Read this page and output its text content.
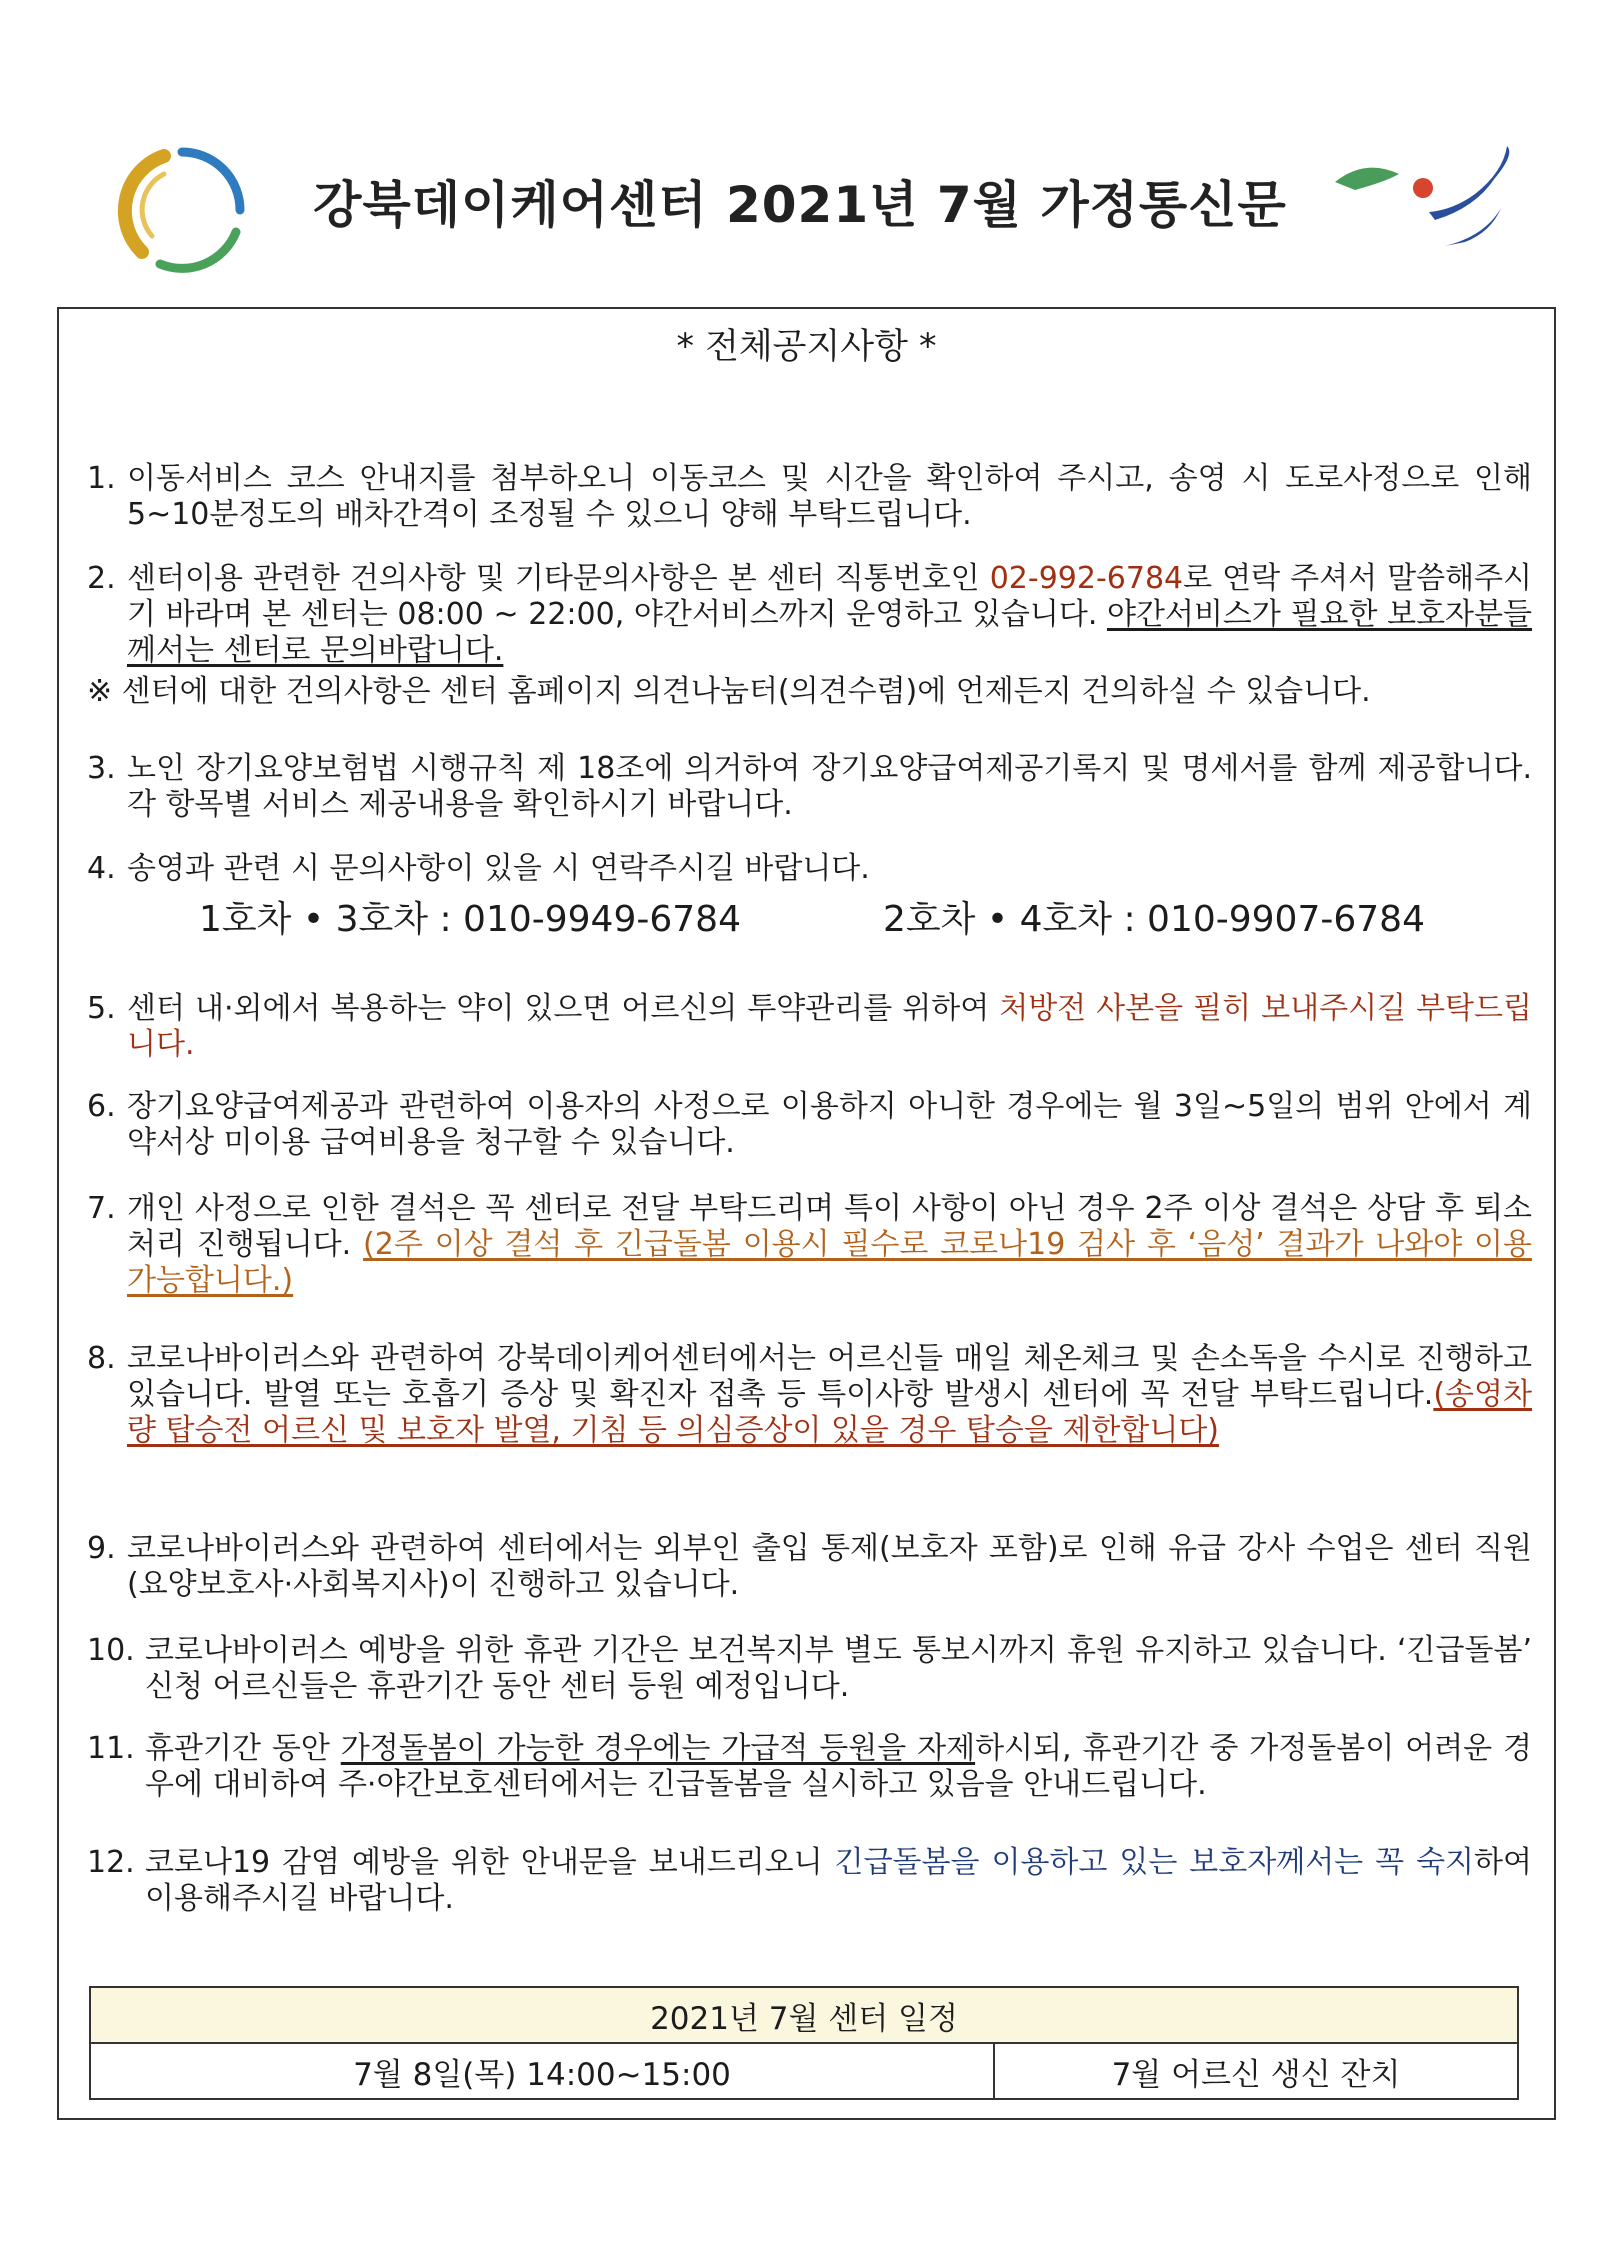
강북데이케어센터 2021년 7월 가정통신문
* 전체공지사항 *
1. 이동서비스 코스 안내지를 첨부하오니 이동코스 및 시간을 확인하여 주시고, 송영 시 도로사정으로 인해 5~10분정도의 배차간격이 조정될 수 있으니 양해 부탁드립니다.
2. 센터이용 관련한 건의사항 및 기타문의사항은 본 센터 직통번호인 02-992-6784로 연락 주셔서 말씀해주시기 바라며 본 센터는 08:00 ~ 22:00, 야간서비스까지 운영하고 있습니다. 야간서비스가 필요한 보호자분들께서는 센터로 문의바랍니다.
※ 센터에 대한 건의사항은 센터 홈페이지 의견나눔터(의견수렴)에 언제든지 건의하실 수 있습니다.
3. 노인 장기요양보험법 시행규칙 제 18조에 의거하여 장기요양급여제공기록지 및 명세서를 함께 제공합니다. 각 항목별 서비스 제공내용을 확인하시기 바랍니다.
4. 송영과 관련 시 문의사항이 있을 시 연락주시길 바랍니다.
1호차 • 3호차 : 010-9949-6784	2호차 • 4호차 : 010-9907-6784
5. 센터 내·외에서 복용하는 약이 있으면 어르신의 투약관리를 위하여 처방전 사본을 필히 보내주시길 부탁드립니다.
6. 장기요양급여제공과 관련하여 이용자의 사정으로 이용하지 아니한 경우에는 월 3일~5일의 범위 안에서 계약서상 미이용 급여비용을 청구할 수 있습니다.
7. 개인 사정으로 인한 결석은 꼭 센터로 전달 부탁드리며 특이 사항이 아닌 경우 2주 이상 결석은 상담 후 퇴소처리 진행됩니다. (2주 이상 결석 후 긴급돌봄 이용시 필수로 코로나19 검사 후 ‘음성’ 결과가 나와야 이용 가능합니다.)
8. 코로나바이러스와 관련하여 강북데이케어센터에서는 어르신들 매일 체온체크 및 손소독을 수시로 진행하고 있습니다. 발열 또는 호흡기 증상 및 확진자 접촉 등 특이사항 발생시 센터에 꼭 전달 부탁드립니다.(송영차량 탑승전 어르신 및 보호자 발열, 기침 등 의심증상이 있을 경우 탑승을 제한합니다)
9. 코로나바이러스와 관련하여 센터에서는 외부인 출입 통제(보호자 포함)로 인해 유급 강사 수업은 센터 직원(요양보호사·사회복지사)이 진행하고 있습니다.
10. 코로나바이러스 예방을 위한 휴관 기간은 보건복지부 별도 통보시까지 휴원 유지하고 있습니다. ‘긴급돌봄’ 신청 어르신들은 휴관기간 동안 센터 등원 예정입니다.
11. 휴관기간 동안 가정돌봄이 가능한 경우에는 가급적 등원을 자제하시되, 휴관기간 중 가정돌봄이 어려운 경우에 대비하여 주·야간보호센터에서는 긴급돌봄을 실시하고 있음을 안내드립니다.
12. 코로나19 감염 예방을 위한 안내문을 보내드리오니 긴급돌봄을 이용하고 있는 보호자께서는 꼭 숙지하여 이용해주시길 바랍니다.
2021년 7월 센터 일정
7월 8일(목) 14:00~15:00	7월 어르신 생신 잔치
